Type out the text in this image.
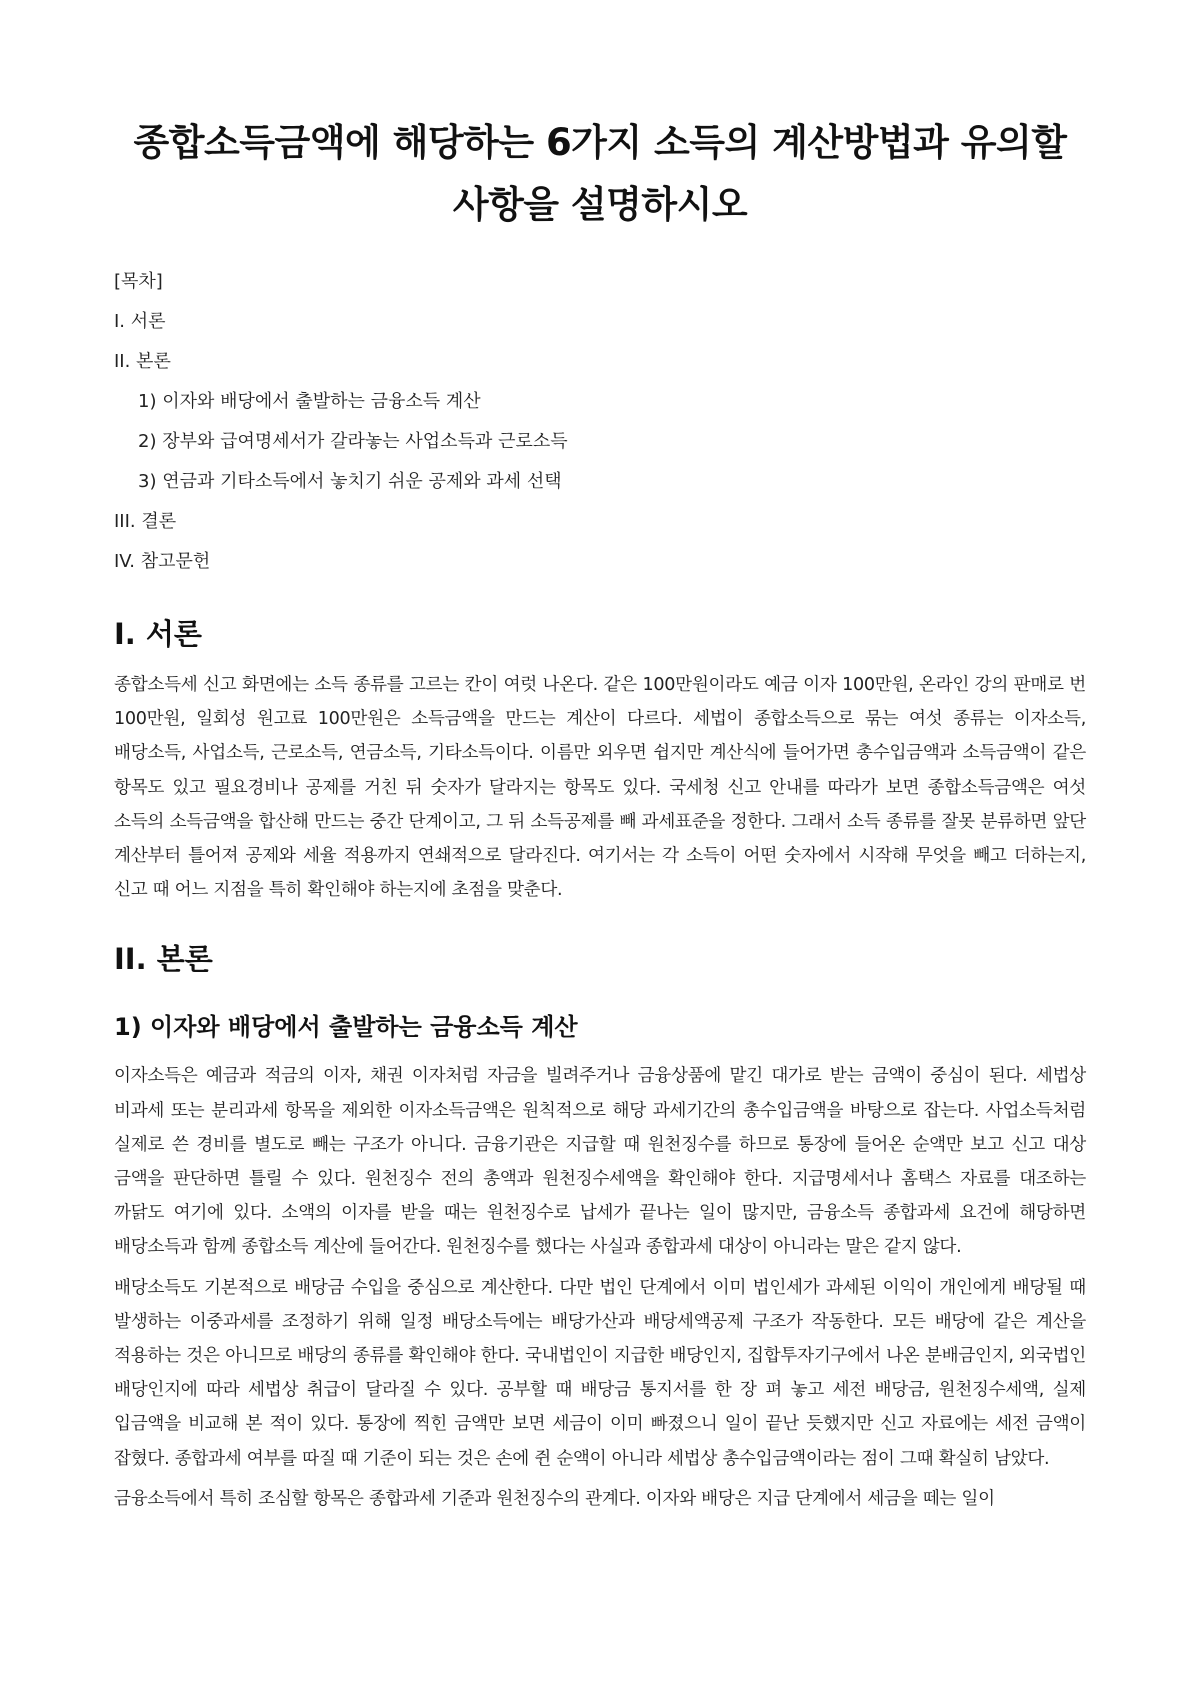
종합소득금액에 해당하는 6가지 소득의 계산방법과 유의할 사항을 설명하시오
[목차]
I. 서론
II. 본론
1) 이자와 배당에서 출발하는 금융소득 계산
2) 장부와 급여명세서가 갈라놓는 사업소득과 근로소득
3) 연금과 기타소득에서 놓치기 쉬운 공제와 과세 선택
III. 결론
IV. 참고문헌
I. 서론

종합소득세 신고 화면에는 소득 종류를 고르는 칸이 여럿 나온다. 같은 100만원이라도 예금 이자 100만원, 온라인 강의 판매로 번 100만원, 일회성 원고료 100만원은 소득금액을 만드는 계산이 다르다. 세법이 종합소득으로 묶는 여섯 종류는 이자소득, 배당소득, 사업소득, 근로소득, 연금소득, 기타소득이다. 이름만 외우면 쉽지만 계산식에 들어가면 총수입금액과 소득금액이 같은 항목도 있고 필요경비나 공제를 거친 뒤 숫자가 달라지는 항목도 있다. 국세청 신고 안내를 따라가 보면 종합소득금액은 여섯 소득의 소득금액을 합산해 만드는 중간 단계이고, 그 뒤 소득공제를 빼 과세표준을 정한다. 그래서 소득 종류를 잘못 분류하면 앞단 계산부터 틀어져 공제와 세율 적용까지 연쇄적으로 달라진다. 여기서는 각 소득이 어떤 숫자에서 시작해 무엇을 빼고 더하는지, 신고 때 어느 지점을 특히 확인해야 하는지에 초점을 맞춘다.

II. 본론
1) 이자와 배당에서 출발하는 금융소득 계산

이자소득은 예금과 적금의 이자, 채권 이자처럼 자금을 빌려주거나 금융상품에 맡긴 대가로 받는 금액이 중심이 된다. 세법상 비과세 또는 분리과세 항목을 제외한 이자소득금액은 원칙적으로 해당 과세기간의 총수입금액을 바탕으로 잡는다. 사업소득처럼 실제로 쓴 경비를 별도로 빼는 구조가 아니다. 금융기관은 지급할 때 원천징수를 하므로 통장에 들어온 순액만 보고 신고 대상 금액을 판단하면 틀릴 수 있다. 원천징수 전의 총액과 원천징수세액을 확인해야 한다. 지급명세서나 홈택스 자료를 대조하는 까닭도 여기에 있다. 소액의 이자를 받을 때는 원천징수로 납세가 끝나는 일이 많지만, 금융소득 종합과세 요건에 해당하면 배당소득과 함께 종합소득 계산에 들어간다. 원천징수를 했다는 사실과 종합과세 대상이 아니라는 말은 같지 않다.

배당소득도 기본적으로 배당금 수입을 중심으로 계산한다. 다만 법인 단계에서 이미 법인세가 과세된 이익이 개인에게 배당될 때 발생하는 이중과세를 조정하기 위해 일정 배당소득에는 배당가산과 배당세액공제 구조가 작동한다. 모든 배당에 같은 계산을 적용하는 것은 아니므로 배당의 종류를 확인해야 한다. 국내법인이 지급한 배당인지, 집합투자기구에서 나온 분배금인지, 외국법인 배당인지에 따라 세법상 취급이 달라질 수 있다. 공부할 때 배당금 통지서를 한 장 펴 놓고 세전 배당금, 원천징수세액, 실제 입금액을 비교해 본 적이 있다. 통장에 찍힌 금액만 보면 세금이 이미 빠졌으니 일이 끝난 듯했지만 신고 자료에는 세전 금액이 잡혔다. 종합과세 여부를 따질 때 기준이 되는 것은 손에 쥔 순액이 아니라 세법상 총수입금액이라는 점이 그때 확실히 남았다.

금융소득에서 특히 조심할 항목은 종합과세 기준과 원천징수의 관계다. 이자와 배당은 지급 단계에서 세금을 떼는 일이
